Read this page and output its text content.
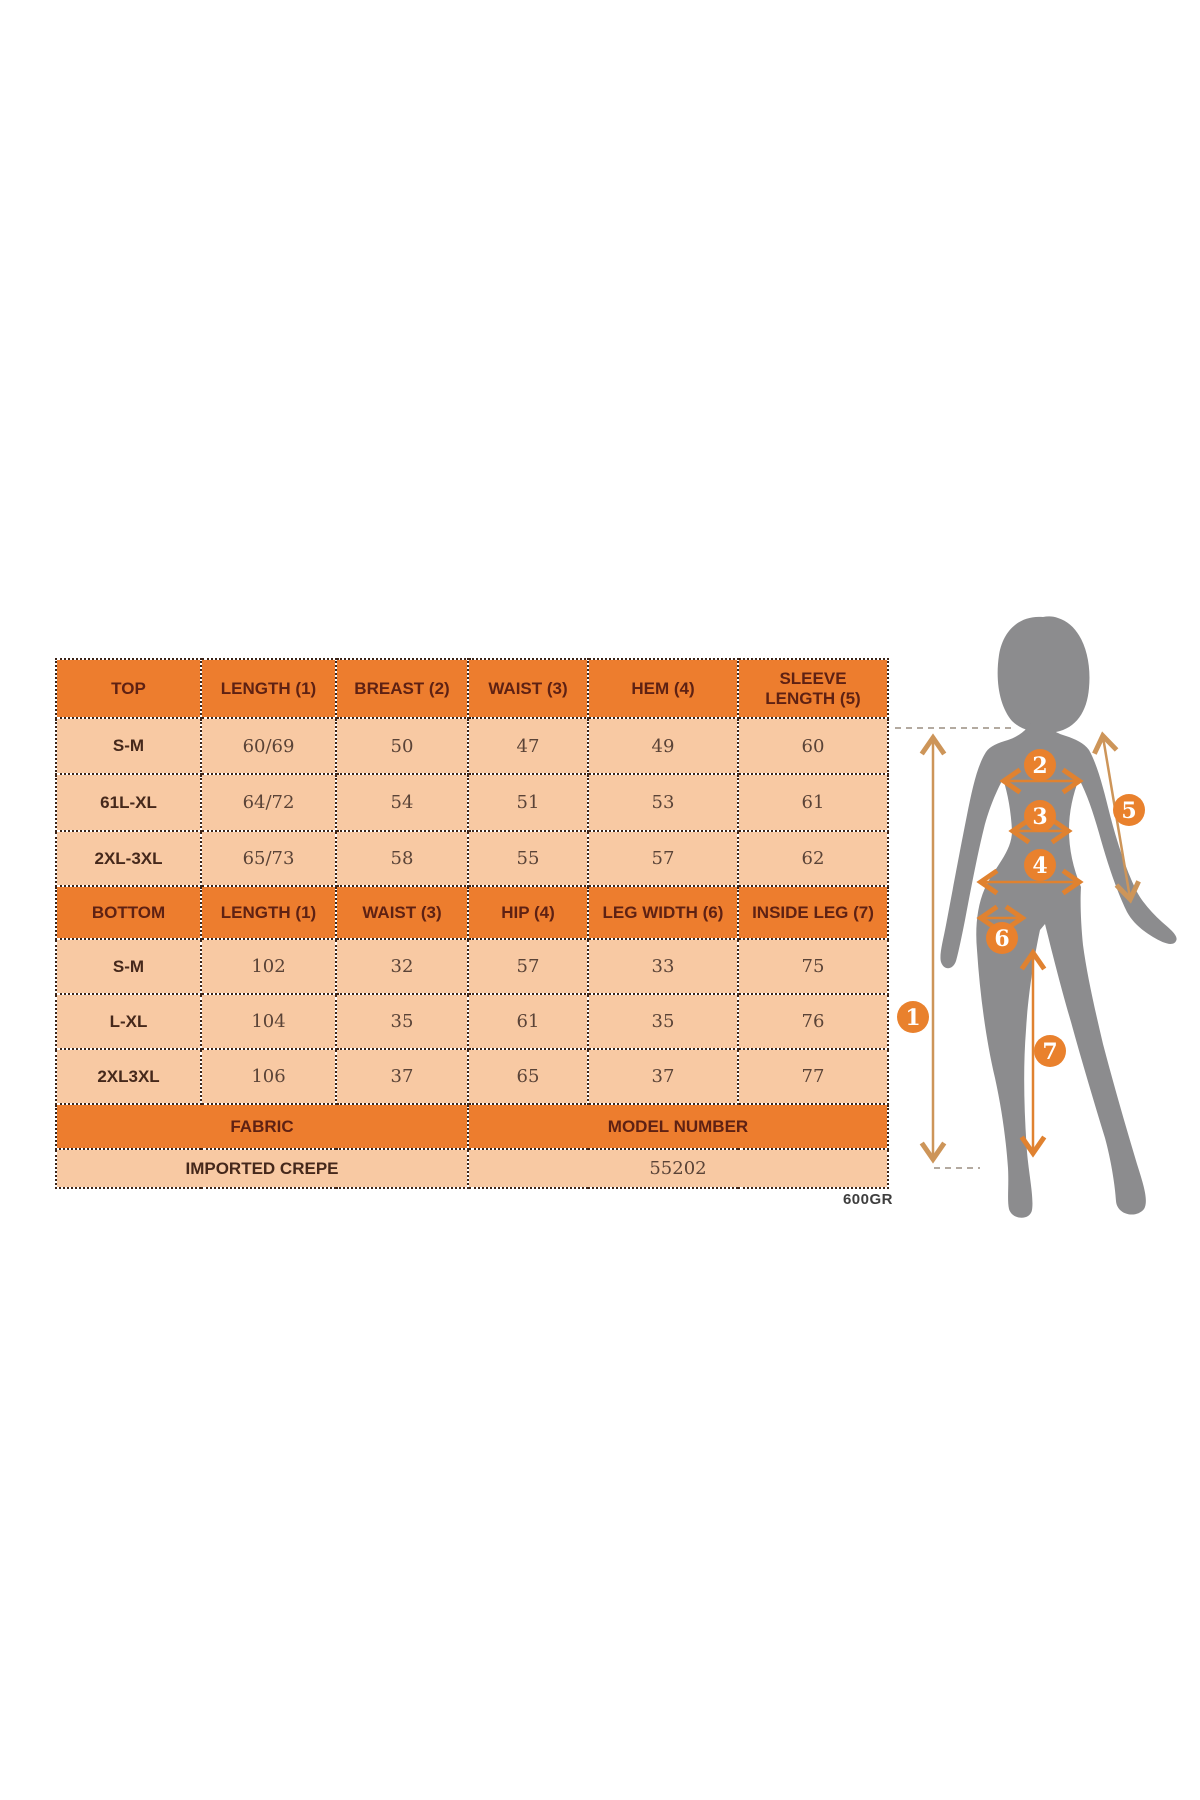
TOP	LENGTH (1)	BREAST (2)	WAIST (3)	HEM (4)	SLEEVE LENGTH (5)
S-M	60/69	50	47	49	60
61L-XL	64/72	54	51	53	61
2XL-3XL	65/73	58	55	57	62
BOTTOM	LENGTH (1)	WAIST (3)	HIP (4)	LEG WIDTH (6)	INSIDE LEG (7)
S-M	102	32	57	33	75
L-XL	104	35	61	35	76
2XL3XL	106	37	65	37	77
FABRIC			MODEL NUMBER		
IMPORTED CREPE			55202		
600GR
1
2
3
4
5
6
7
